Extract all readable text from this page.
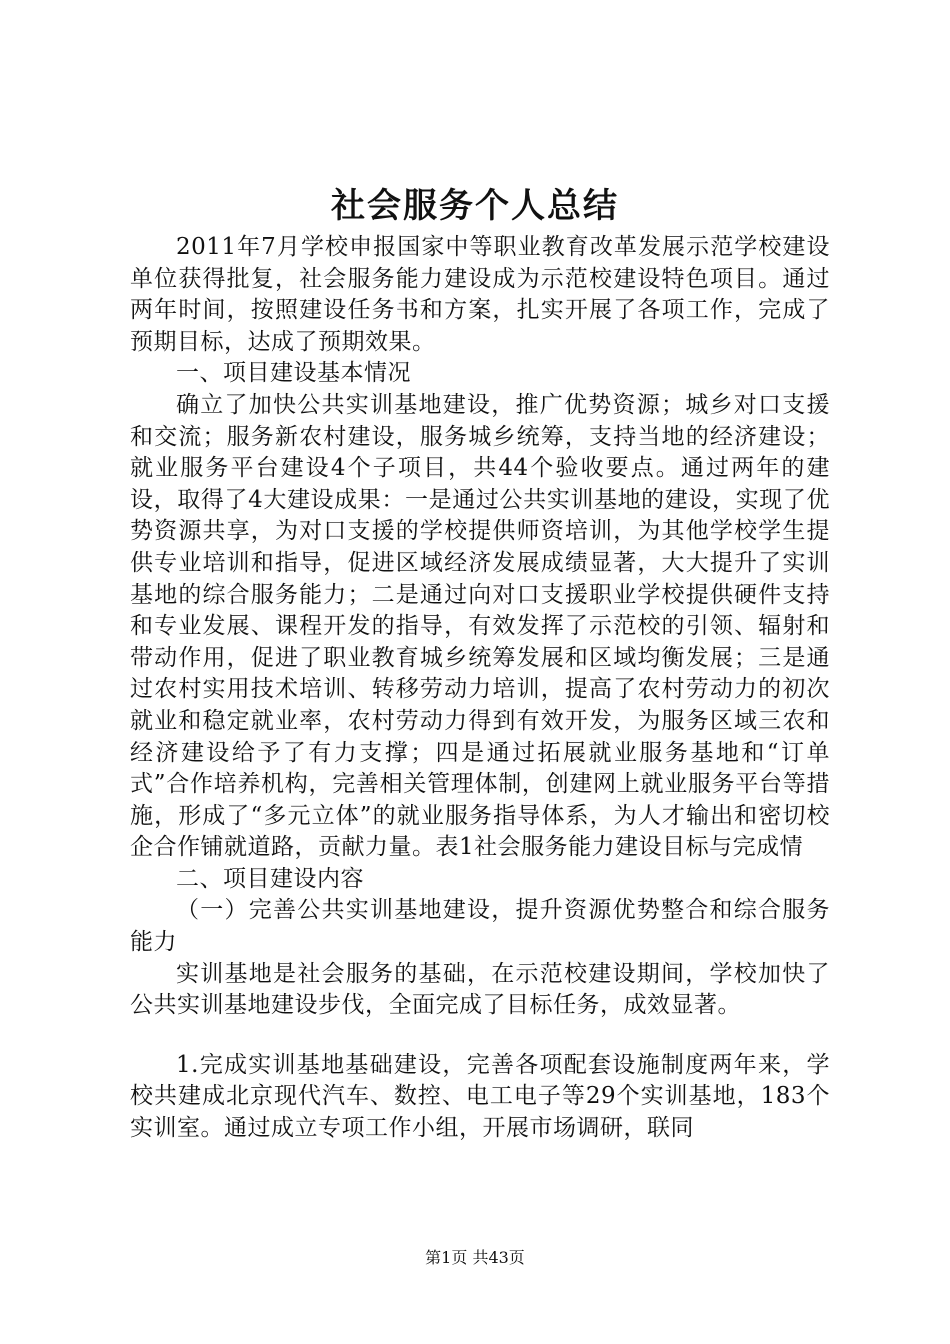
社会服务个人总结

2011年7月学校申报国家中等职业教育改革发展示范学校建设单位获得批复，社会服务能力建设成为示范校建设特色项目。通过两年时间，按照建设任务书和方案，扎实开展了各项工作，完成了预期目标，达成了预期效果。

一、项目建设基本情况

确立了加快公共实训基地建设，推广优势资源；城乡对口支援和交流；服务新农村建设，服务城乡统筹，支持当地的经济建设；就业服务平台建设4个子项目，共44个验收要点。通过两年的建设，取得了4大建设成果：一是通过公共实训基地的建设，实现了优势资源共享，为对口支援的学校提供师资培训，为其他学校学生提供专业培训和指导，促进区域经济发展成绩显著，大大提升了实训基地的综合服务能力；二是通过向对口支援职业学校提供硬件支持和专业发展、课程开发的指导，有效发挥了示范校的引领、辐射和带动作用，促进了职业教育城乡统筹发展和区域均衡发展；三是通过农村实用技术培训、转移劳动力培训，提高了农村劳动力的初次就业和稳定就业率，农村劳动力得到有效开发，为服务区域三农和经济建设给予了有力支撑；四是通过拓展就业服务基地和“订单式”合作培养机构，完善相关管理体制，创建网上就业服务平台等措施，形成了“多元立体”的就业服务指导体系，为人才输出和密切校企合作铺就道路，贡献力量。表1社会服务能力建设目标与完成情

二、项目建设内容

（一）完善公共实训基地建设，提升资源优势整合和综合服务能力

实训基地是社会服务的基础，在示范校建设期间，学校加快了公共实训基地建设步伐，全面完成了目标任务，成效显著。

1.完成实训基地基础建设，完善各项配套设施制度两年来，学校共建成北京现代汽车、数控、电工电子等29个实训基地，183个实训室。通过成立专项工作小组，开展市场调研，联同

第1页 共43页
